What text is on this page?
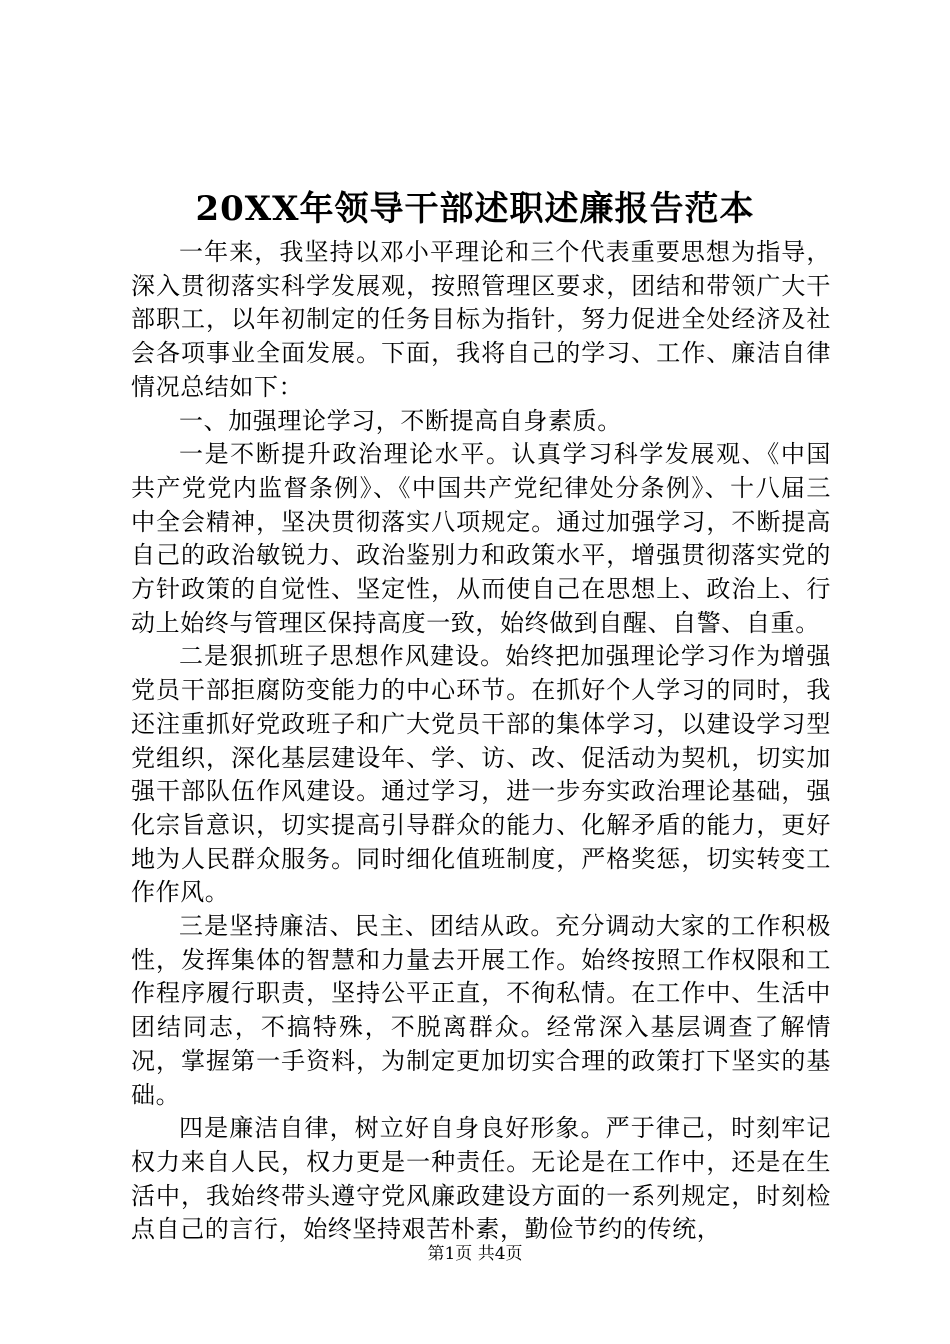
20XX年领导干部述职述廉报告范本

一年来，我坚持以邓小平理论和三个代表重要思想为指导，深入贯彻落实科学发展观，按照管理区要求，团结和带领广大干部职工，以年初制定的任务目标为指针，努力促进全处经济及社会各项事业全面发展。下面，我将自己的学习、工作、廉洁自律情况总结如下：

一、加强理论学习，不断提高自身素质。

一是不断提升政治理论水平。认真学习科学发展观、《中国共产党党内监督条例》、《中国共产党纪律处分条例》、十八届三中全会精神，坚决贯彻落实八项规定。通过加强学习，不断提高自己的政治敏锐力、政治鉴别力和政策水平，增强贯彻落实党的方针政策的自觉性、坚定性，从而使自己在思想上、政治上、行动上始终与管理区保持高度一致，始终做到自醒、自警、自重。

二是狠抓班子思想作风建设。始终把加强理论学习作为增强党员干部拒腐防变能力的中心环节。在抓好个人学习的同时，我还注重抓好党政班子和广大党员干部的集体学习，以建设学习型党组织，深化基层建设年、学、访、改、促活动为契机，切实加强干部队伍作风建设。通过学习，进一步夯实政治理论基础，强化宗旨意识，切实提高引导群众的能力、化解矛盾的能力，更好地为人民群众服务。同时细化值班制度，严格奖惩，切实转变工作作风。

三是坚持廉洁、民主、团结从政。充分调动大家的工作积极性，发挥集体的智慧和力量去开展工作。始终按照工作权限和工作程序履行职责，坚持公平正直，不徇私情。在工作中、生活中团结同志，不搞特殊，不脱离群众。经常深入基层调查了解情况，掌握第一手资料，为制定更加切实合理的政策打下坚实的基础。

四是廉洁自律，树立好自身良好形象。严于律己，时刻牢记权力来自人民，权力更是一种责任。无论是在工作中，还是在生活中，我始终带头遵守党风廉政建设方面的一系列规定，时刻检点自己的言行，始终坚持艰苦朴素，勤俭节约的传统，

第1页 共4页
